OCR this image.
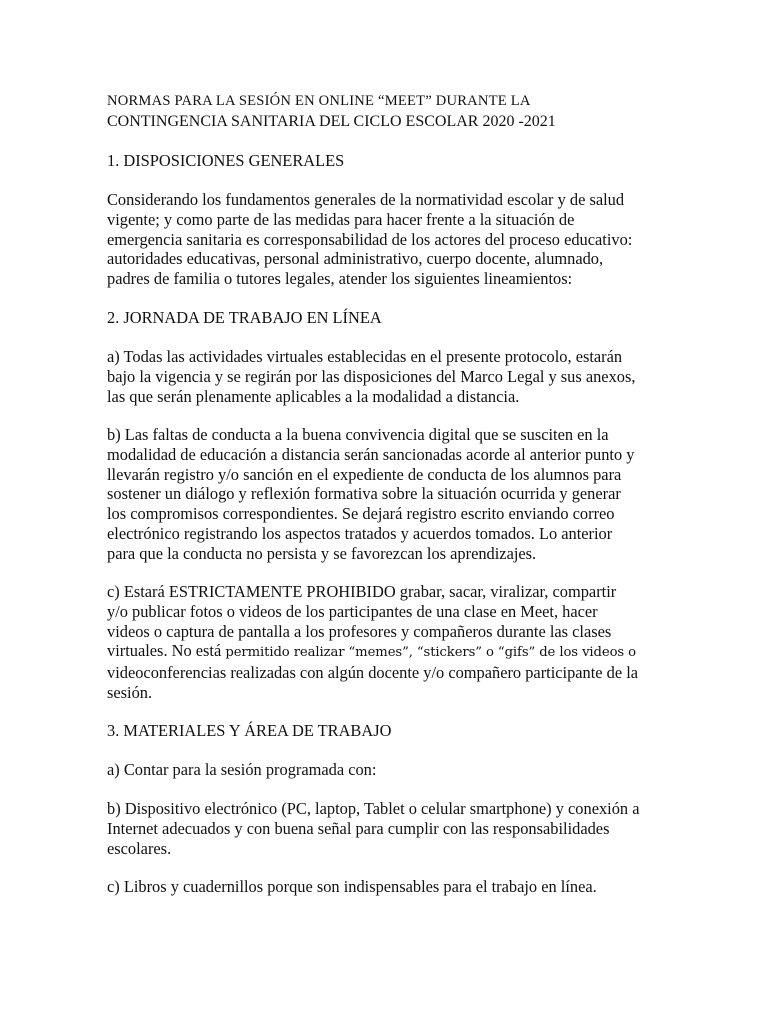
NORMAS PARA LA SESIÓN EN ONLINE “MEET” DURANTE LA

CONTINGENCIA SANITARIA DEL CICLO ESCOLAR 2020 -2021

1. DISPOSICIONES GENERALES

Considerando los fundamentos generales de la normatividad escolar y de salud
vigente; y como parte de las medidas para hacer frente a la situación de
emergencia sanitaria es corresponsabilidad de los actores del proceso educativo:
autoridades educativas, personal administrativo, cuerpo docente, alumnado,
padres de familia o tutores legales, atender los siguientes lineamientos:

2. JORNADA DE TRABAJO EN LÍNEA

a) Todas las actividades virtuales establecidas en el presente protocolo, estarán
bajo la vigencia y se regirán por las disposiciones del Marco Legal y sus anexos,
las que serán plenamente aplicables a la modalidad a distancia.
b) Las faltas de conducta a la buena convivencia digital que se susciten en la
modalidad de educación a distancia serán sancionadas acorde al anterior punto y
llevarán registro y/o sanción en el expediente de conducta de los alumnos para
sostener un diálogo y reflexión formativa sobre la situación ocurrida y generar
los compromisos correspondientes. Se dejará registro escrito enviando correo
electrónico registrando los aspectos tratados y acuerdos tomados. Lo anterior
para que la conducta no persista y se favorezcan los aprendizajes.
c) Estará ESTRICTAMENTE PROHIBIDO grabar, sacar, viralizar, compartir
y/o publicar fotos o videos de los participantes de una clase en Meet, hacer
videos o captura de pantalla a los profesores y compañeros durante las clases
virtuales. No está permitido realizar “memes”, “stickers” o “gifs” de los videos o
videoconferencias realizadas con algún docente y/o compañero participante de la
sesión.

3. MATERIALES Y ÁREA DE TRABAJO

a) Contar para la sesión programada con:

b) Dispositivo electrónico (PC, laptop, Tablet o celular smartphone) y conexión a
Internet adecuados y con buena señal para cumplir con las responsabilidades
escolares.

c) Libros y cuadernillos porque son indispensables para el trabajo en línea.
